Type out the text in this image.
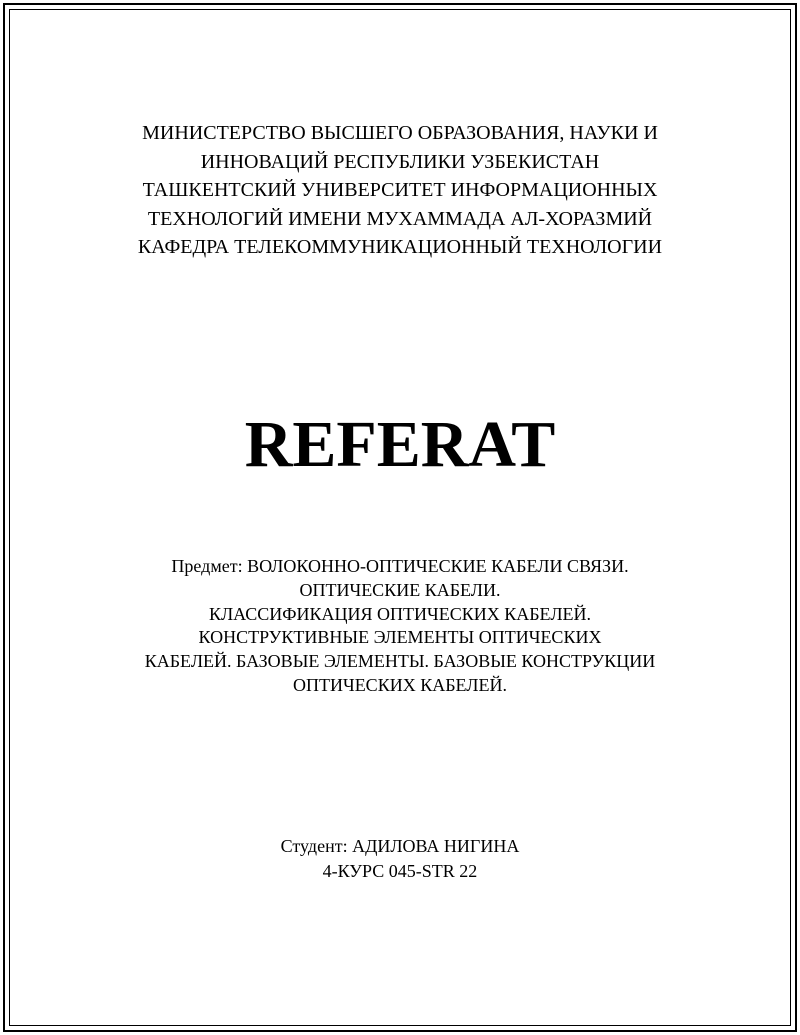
МИНИСТЕРСТВО ВЫСШЕГО ОБРАЗОВАНИЯ, НАУКИ И
ИННОВАЦИЙ РЕСПУБЛИКИ УЗБЕКИСТАН
ТАШКЕНТСКИЙ УНИВЕРСИТЕТ ИНФОРМАЦИОННЫХ
ТЕХНОЛОГИЙ ИМЕНИ МУХАММАДА АЛ-ХОРАЗМИЙ
КАФЕДРА ТЕЛЕКОММУНИКАЦИОННЫЙ ТЕХНОЛОГИИ
REFERAT
Предмет: ВОЛОКОННО-ОПТИЧЕСКИЕ КАБЕЛИ СВЯЗИ.
ОПТИЧЕСКИЕ КАБЕЛИ.
КЛАССИФИКАЦИЯ ОПТИЧЕСКИХ КАБЕЛЕЙ.
КОНСТРУКТИВНЫЕ ЭЛЕМЕНТЫ ОПТИЧЕСКИХ
КАБЕЛЕЙ. БАЗОВЫЕ ЭЛЕМЕНТЫ. БАЗОВЫЕ КОНСТРУКЦИИ
ОПТИЧЕСКИХ КАБЕЛЕЙ.
Студент: АДИЛОВА НИГИНА
4-КУРС 045-STR 22
